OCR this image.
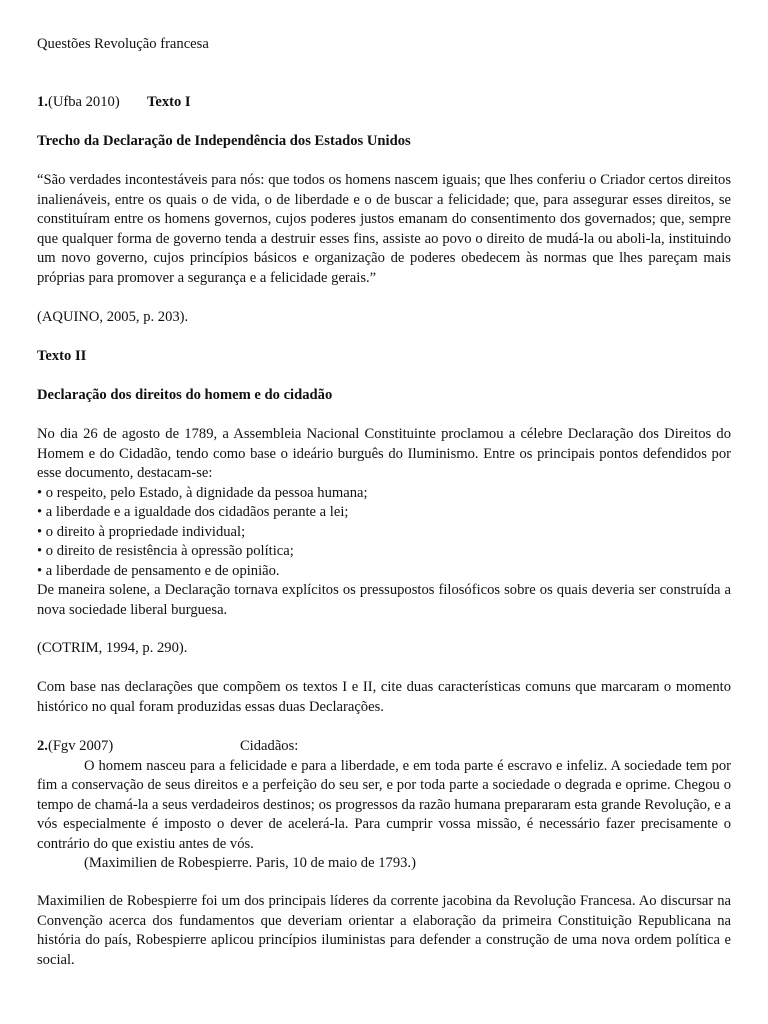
Questões Revolução francesa

1.(Ufba 2010) Texto I

Trecho da Declaração de Independência dos Estados Unidos

“São verdades incontestáveis para nós: que todos os homens nascem iguais; que lhes conferiu o Criador certos direitos inalienáveis, entre os quais o de vida, o de liberdade e o de buscar a felicidade; que, para assegurar esses direitos, se constituíram entre os homens governos, cujos poderes justos emanam do consentimento dos governados; que, sempre que qualquer forma de governo tenda a destruir esses fins, assiste ao povo o direito de mudá-la ou aboli-la, instituindo um novo governo, cujos princípios básicos e organização de poderes obedecem às normas que lhes pareçam mais próprias para promover a segurança e a felicidade gerais.”

(AQUINO, 2005, p. 203).

Texto II

Declaração dos direitos do homem e do cidadão

No dia 26 de agosto de 1789, a Assembleia Nacional Constituinte proclamou a célebre Declaração dos Direitos do Homem e do Cidadão, tendo como base o ideário burguês do Iluminismo. Entre os principais pontos defendidos por esse documento, destacam-se:
• o respeito, pelo Estado, à dignidade da pessoa humana;
• a liberdade e a igualdade dos cidadãos perante a lei;
• o direito à propriedade individual;
• o direito de resistência à opressão política;
• a liberdade de pensamento e de opinião.
De maneira solene, a Declaração tornava explícitos os pressupostos filosóficos sobre os quais deveria ser construída a nova sociedade liberal burguesa.

(COTRIM, 1994, p. 290).

Com base nas declarações que compõem os textos I e II, cite duas características comuns que marcaram o momento histórico no qual foram produzidas essas duas Declarações.

2.(Fgv 2007)	Cidadãos:
O homem nasceu para a felicidade e para a liberdade, e em toda parte é escravo e infeliz. A sociedade tem por fim a conservação de seus direitos e a perfeição do seu ser, e por toda parte a sociedade o degrada e oprime. Chegou o tempo de chamá-la a seus verdadeiros destinos; os progressos da razão humana prepararam esta grande Revolução, e a vós especialmente é imposto o dever de acelerá-la. Para cumprir vossa missão, é necessário fazer precisamente o contrário do que existiu antes de vós.
(Maximilien de Robespierre. Paris, 10 de maio de 1793.)

Maximilien de Robespierre foi um dos principais líderes da corrente jacobina da Revolução Francesa. Ao discursar na Convenção acerca dos fundamentos que deveriam orientar a elaboração da primeira Constituição Republicana na história do país, Robespierre aplicou princípios iluministas para defender a construção de uma nova ordem política e social.
